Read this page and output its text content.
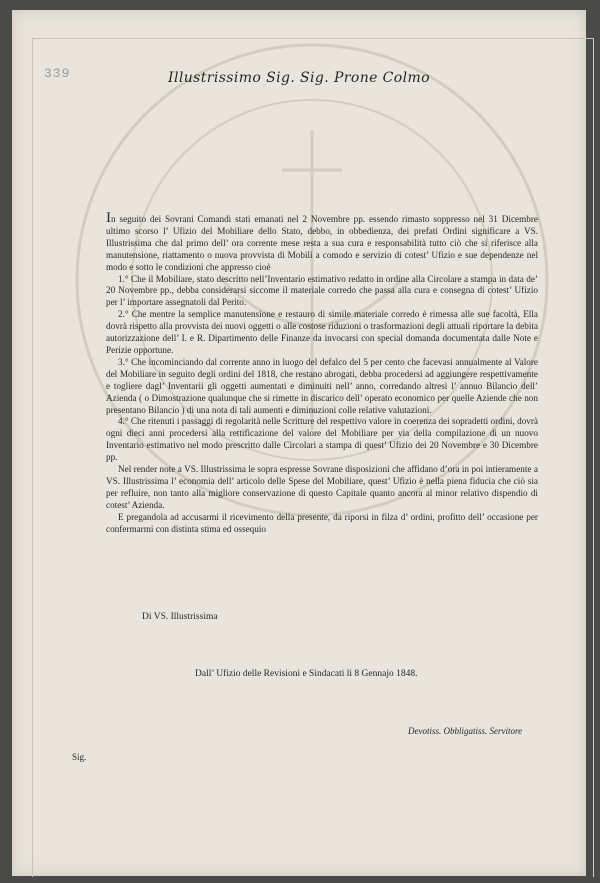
339	Illustrissimo Sig. Sig. Prone Colmo

In seguito dei Sovrani Comandi stati emanati nel 2 Novembre pp. essendo rimasto soppresso nel 31 Dicembre ultimo scorso l’ Ufizio del Mobiliare dello Stato, debbo, in obbedienza, dei prefati Ordini significare a VS. Illustrissima che dal primo dell’ ora corrente mese resta a sua cura e responsabilità tutto ciò che si riferisce alla manutensione, riattamento o nuova provvista di Mobili a comodo e servizio di cotest’ Ufizio e sue dependenze nel modo e sotto le condizioni che appresso cioè

1.° Che il Mobiliare, stato descritto nell’Inventario estimativo redatto in ordine alla Circolare a stampa in data de’ 20 Novembre pp., debba considerarsi siccome il materiale corredo che passa alla cura e consegna di cotest’ Ufizio per l’ importare assegnatoli dal Perito.

2.° Che mentre la semplice manutensione e restauro di simile materiale corredo è rimessa alle sue facoltà, Ella dovrà rispetto alla provvista dei nuovi oggetti o alle costose riduzioni o trasformazioni degli attuali riportare la debita autorizzazione dell’ I. e R. Dipartimento delle Finanze da invocarsi con special domanda documentata dalle Note e Perizie opportune.

3.° Che incominciando dal corrente anno in luogo del defalco del 5 per cento che facevasi annualmente al Valore del Mobiliare in seguito degli ordini del 1818, che restano abrogati, debba procedersi ad aggiungere respettivamente e togliere dagl’ Inventarii gli oggetti aumentati e diminuiti nell’ anno, corredando altresì l’ annuo Bilancio dell’ Azienda ( o Dimostrazione qualunque che si rimette in discarico dell’ operato economico per quelle Aziende che non presentano Bilancio ) di una nota di tali aumenti e diminuzioni colle relative valutazioni.

4.° Che ritenuti i passaggi di regolarità nelle Scritture del respettivo valore in coerenza dei sopradetti ordini, dovrà ogni dieci anni procedersi alla rettificazione del valore del Mobiliare per via della compilazione di un nuovo Inventario estimativo nel modo prescritto dalle Circolari a stampa di quest’ Ufizio dei 20 Novembre e 30 Dicembre pp.

Nel render note a VS. Illustrissima le sopra espresse Sovrane disposizioni che affidano d’ora in poi intieramente a VS. Illustrissima l’ economia dell’ articolo delle Spese del Mobiliare, quest’ Ufizio è nella piena fiducia che ciò sia per refluire, non tanto alla migliore conservazione di questo Capitale quanto ancora al minor relativo dispendio di cotest’ Azienda.

E pregandola ad accusarmi il ricevimento della presente, da riporsi in filza d’ ordini, profitto dell’ occasione per confermarmi con distinta stima ed ossequio

Di VS. Illustrissima
Dall’ Ufizio delle Revisioni e Sindacati li 8 Gennajo 1848.
Devotiss. Obbligatiss. Servitore
Sig.
